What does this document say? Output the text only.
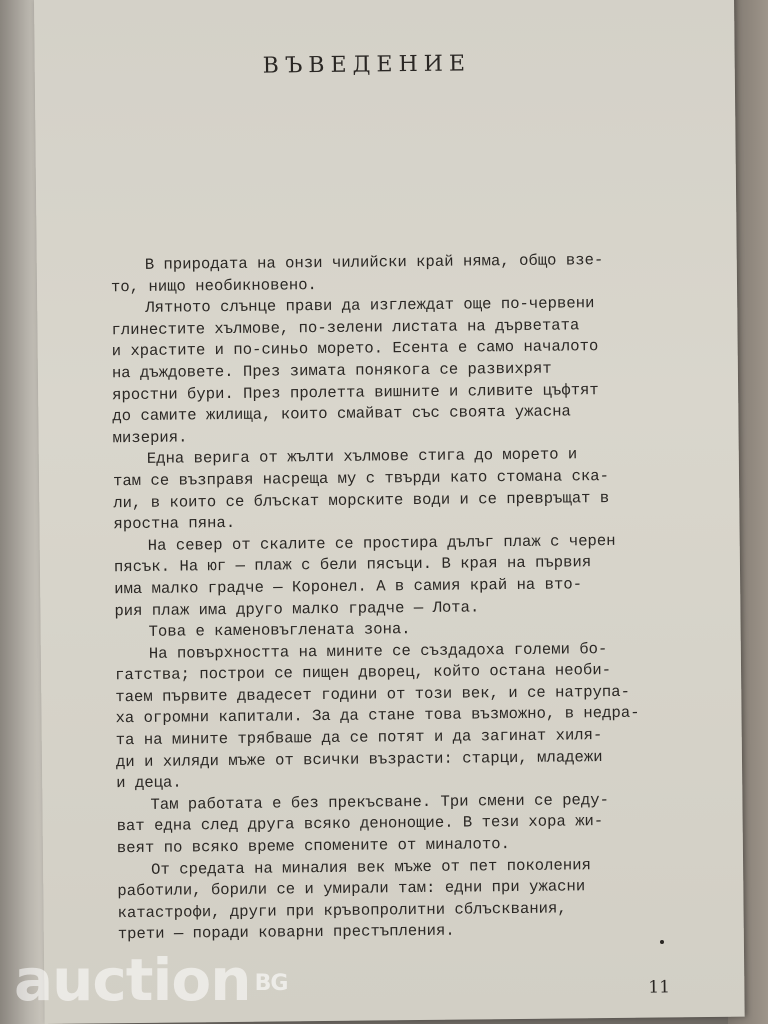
ВЪВЕДЕНИЕ
В природата на онзи чилийски край няма, общо взе-
то, нищо необикновено.
Лятното слънце прави да изглеждат още по-червени
глинестите хълмове, по-зелени листата на дърветата
и храстите и по-синьо морето. Есента е само началото
на дъждовете. През зимата понякога се развихрят
яростни бури. През пролетта вишните и сливите цъфтят
до самите жилища, които смайват със своята ужасна
мизерия.
Една верига от жълти хълмове стига до морето и
там се възправя насреща му с твърди като стомана ска-
ли, в които се блъскат морските води и се превръщат в
яростна пяна.
На север от скалите се простира дълъг плаж с черен
пясък. На юг — плаж с бели пясъци. В края на първия
има малко градче — Коронел. А в самия край на вто-
рия плаж има друго малко градче — Лота.
Това е каменовъглената зона.
На повърхността на мините се създадоха големи бо-
гатства; построи се пищен дворец, който остана необи-
таем първите двадесет години от този век, и се натрупа-
ха огромни капитали. За да стане това възможно, в недра-
та на мините трябваше да се потят и да загинат хиля-
ди и хиляди мъже от всички възрасти: старци, младежи
и деца.
Там работата е без прекъсване. Три смени се реду-
ват една след друга всяко денонощие. В тези хора жи-
веят по всяко време спомените от миналото.
От средата на миналия век мъже от пет поколения
работили, борили се и умирали там: едни при ужасни
катастрофи, други при кръвопролитни сблъсквания,
трети — поради коварни престъпления.
11
auction BG
